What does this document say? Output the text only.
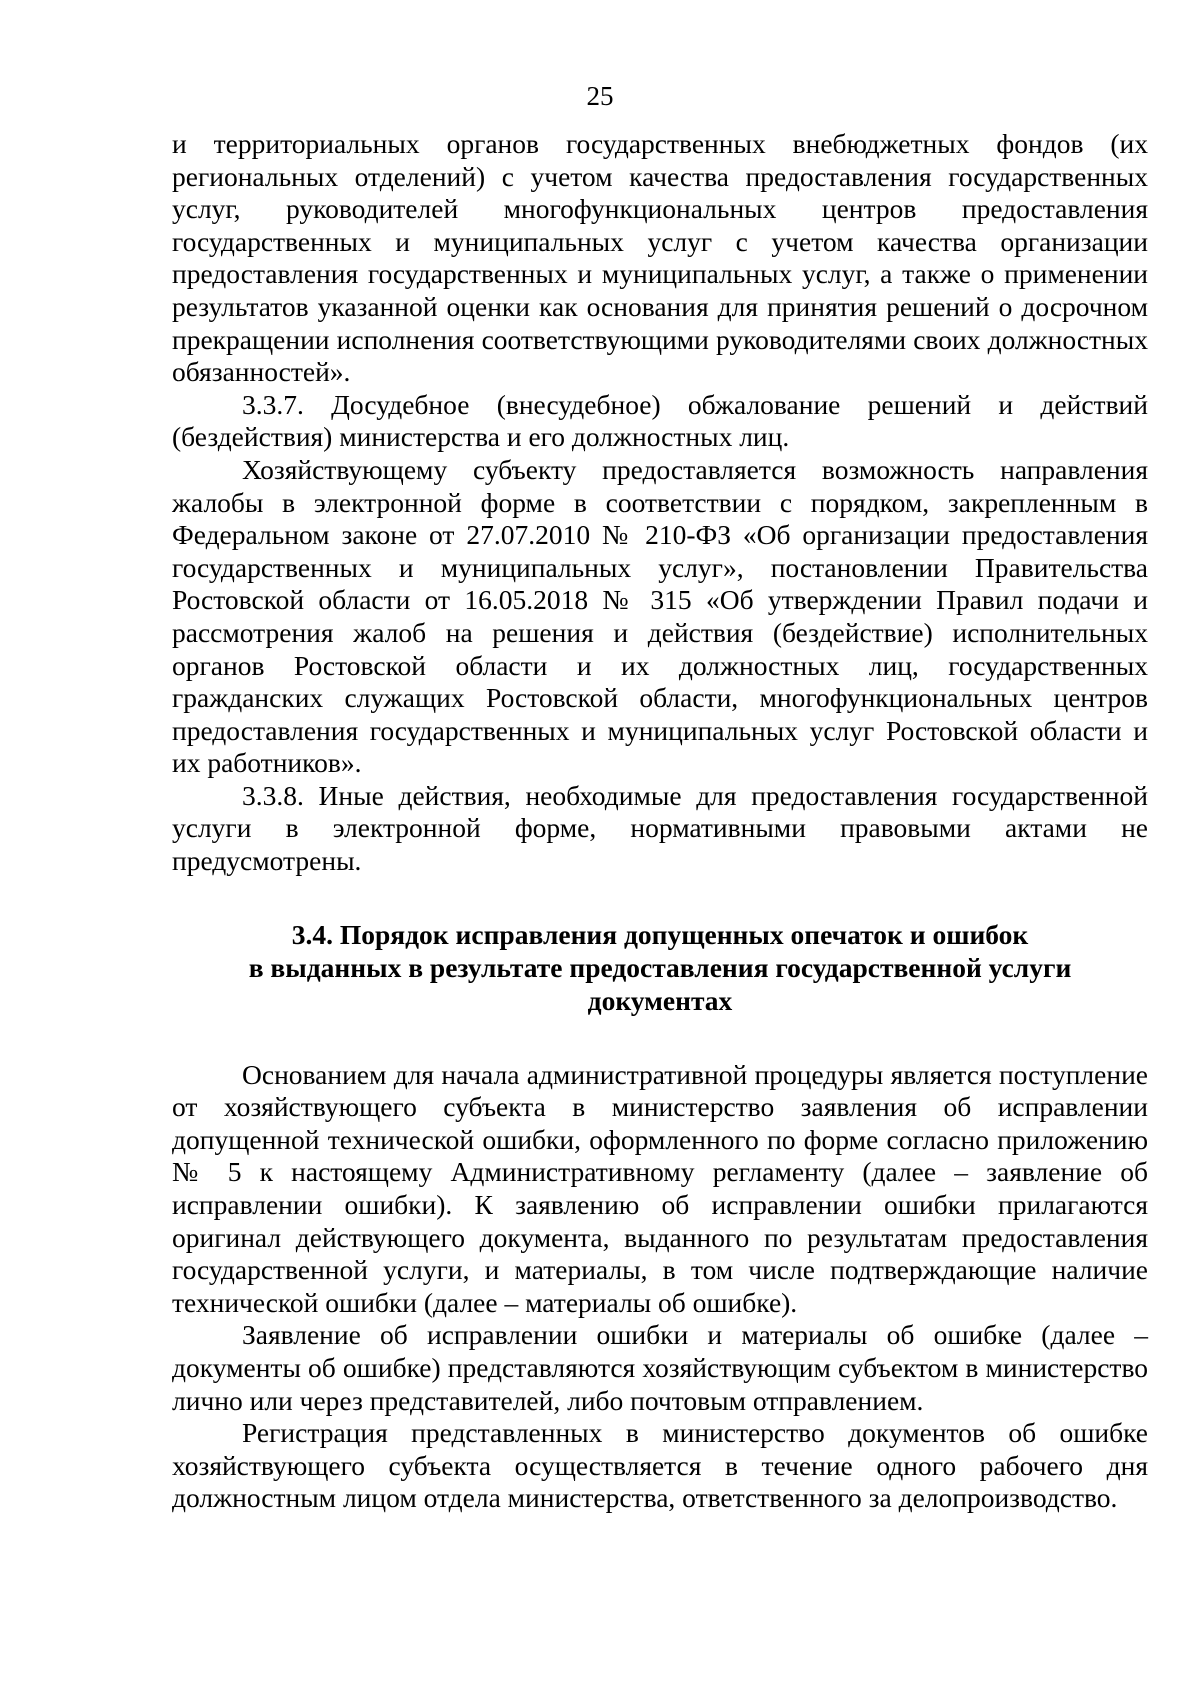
25

и территориальных органов государственных внебюджетных фондов (их региональных отделений) с учетом качества предоставления государственных услуг, руководителей многофункциональных центров предоставления государственных и муниципальных услуг с учетом качества организации предоставления государственных и муниципальных услуг, а также о применении результатов указанной оценки как основания для принятия решений о досрочном прекращении исполнения соответствующими руководителями своих должностных обязанностей».

3.3.7. Досудебное (внесудебное) обжалование решений и действий (бездействия) министерства и его должностных лиц.

Хозяйствующему субъекту предоставляется возможность направления жалобы в электронной форме в соответствии с порядком, закрепленным в Федеральном законе от 27.07.2010 № 210-ФЗ «Об организации предоставления государственных и муниципальных услуг», постановлении Правительства Ростовской области от 16.05.2018 № 315 «Об утверждении Правил подачи и рассмотрения жалоб на решения и действия (бездействие) исполнительных органов Ростовской области и их должностных лиц, государственных гражданских служащих Ростовской области, многофункциональных центров предоставления государственных и муниципальных услуг Ростовской области и их работников».

3.3.8. Иные действия, необходимые для предоставления государственной услуги в электронной форме, нормативными правовыми актами не предусмотрены.

3.4. Порядок исправления допущенных опечаток и ошибок
в выданных в результате предоставления государственной услуги
документах

Основанием для начала административной процедуры является поступление от хозяйствующего субъекта в министерство заявления об исправлении допущенной технической ошибки, оформленного по форме согласно приложению № 5 к настоящему Административному регламенту (далее – заявление об исправлении ошибки). К заявлению об исправлении ошибки прилагаются оригинал действующего документа, выданного по результатам предоставления государственной услуги, и материалы, в том числе подтверждающие наличие технической ошибки (далее – материалы об ошибке).

Заявление об исправлении ошибки и материалы об ошибке (далее – документы об ошибке) представляются хозяйствующим субъектом в министерство лично или через представителей, либо почтовым отправлением.

Регистрация представленных в министерство документов об ошибке хозяйствующего субъекта осуществляется в течение одного рабочего дня должностным лицом отдела министерства, ответственного за делопроизводство.
